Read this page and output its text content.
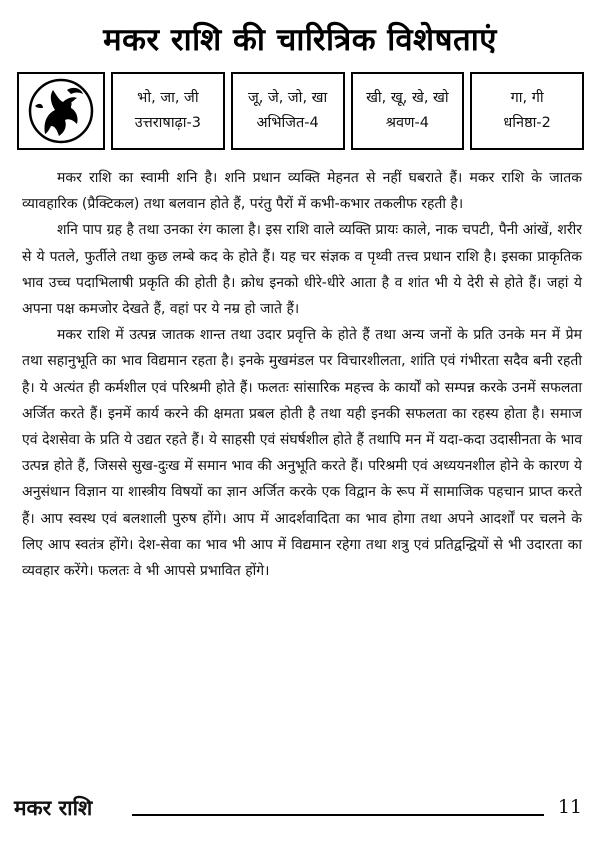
मकर राशि की चारित्रिक विशेषताएं
भो, जा, जी
उत्तराषाढ़ा-3
जू, जे, जो, खा
अभिजित-4
खी, खू, खे, खो
श्रवण-4
गा, गी
धनिष्ठा-2

मकर राशि का स्वामी शनि है। शनि प्रधान व्यक्ति मेहनत से नहीं घबराते हैं। मकर राशि के जातक व्यावहारिक (प्रैक्टिकल) तथा बलवान होते हैं, परंतु पैरों में कभी-कभार तकलीफ रहती है।

शनि पाप ग्रह है तथा उनका रंग काला है। इस राशि वाले व्यक्ति प्रायः काले, नाक चपटी, पैनी आंखें, शरीर से ये पतले, फुर्तीले तथा कुछ लम्बे कद के होते हैं। यह चर संज्ञक व पृथ्वी तत्त्व प्रधान राशि है। इसका प्राकृतिक भाव उच्च पदाभिलाषी प्रकृति की होती है। क्रोध इनको धीरे-धीरे आता है व शांत भी ये देरी से होते हैं। जहां ये अपना पक्ष कमजोर देखते हैं, वहां पर ये नम्र हो जाते हैं।

मकर राशि में उत्पन्न जातक शान्त तथा उदार प्रवृत्ति के होते हैं तथा अन्य जनों के प्रति उनके मन में प्रेम तथा सहानुभूति का भाव विद्यमान रहता है। इनके मुखमंडल पर विचारशीलता, शांति एवं गंभीरता सदैव बनी रहती है। ये अत्यंत ही कर्मशील एवं परिश्रमी होते हैं। फलतः सांसारिक महत्त्व के कार्यों को सम्पन्न करके उनमें सफलता अर्जित करते हैं। इनमें कार्य करने की क्षमता प्रबल होती है तथा यही इनकी सफलता का रहस्य होता है। समाज एवं देशसेवा के प्रति ये उद्यत रहते हैं। ये साहसी एवं संघर्षशील होते हैं तथापि मन में यदा-कदा उदासीनता के भाव उत्पन्न होते हैं, जिससे सुख-दुःख में समान भाव की अनुभूति करते हैं। परिश्रमी एवं अध्ययनशील होने के कारण ये अनुसंधान विज्ञान या शास्त्रीय विषयों का ज्ञान अर्जित करके एक विद्वान के रूप में सामाजिक पहचान प्राप्त करते हैं। आप स्वस्थ एवं बलशाली पुरुष होंगे। आप में आदर्शवादिता का भाव होगा तथा अपने आदर्शों पर चलने के लिए आप स्वतंत्र होंगे। देश-सेवा का भाव भी आप में विद्यमान रहेगा तथा शत्रु एवं प्रतिद्वन्द्वियों से भी उदारता का व्यवहार करेंगे। फलतः वे भी आपसे प्रभावित होंगे।

मकर राशि	11
